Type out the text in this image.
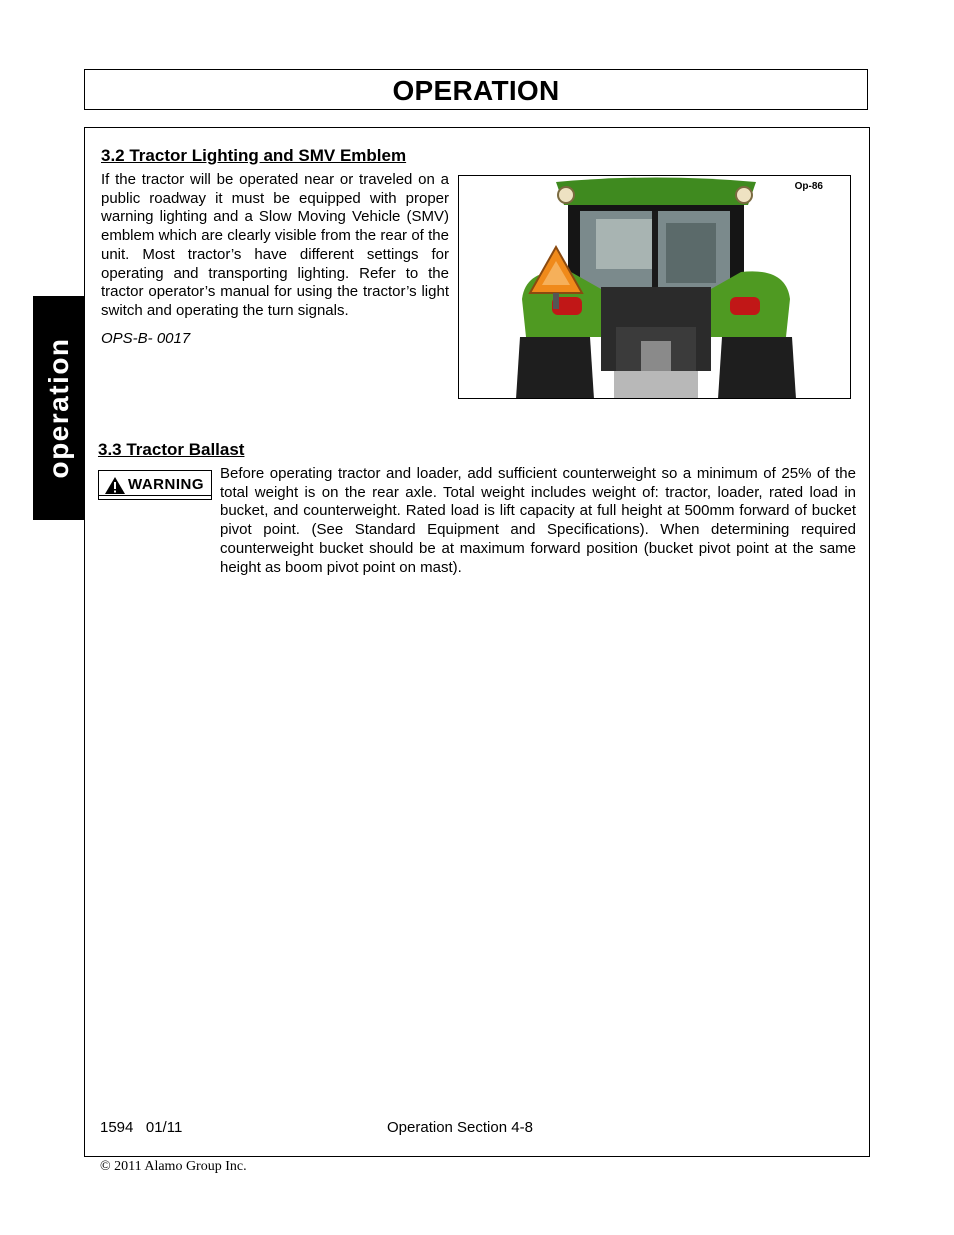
OPERATION
operation
3.2 Tractor Lighting and SMV Emblem
If the tractor will be operated near or traveled on a public roadway it must be equipped with proper warning lighting and a Slow Moving Vehicle (SMV) emblem which are clearly visible from the rear of the unit. Most tractor’s have different settings for operating and transporting lighting. Refer to the tractor operator’s manual for using the tractor’s light switch and operating the turn signals.
OPS-B- 0017
Op-86
3.3 Tractor Ballast
WARNING
Before operating tractor and loader, add sufficient counterweight so a minimum of 25% of the total weight is on the rear axle. Total weight includes weight of: tractor, loader, rated load in bucket, and counterweight. Rated load is lift capacity at full height at 500mm forward of bucket pivot point. (See Standard Equipment and Specifications). When determining required counterweight bucket should be at maximum forward position (bucket pivot point at the same height as boom pivot point on mast).
1594   01/11	Operation Section 4-8
© 2011 Alamo Group Inc.
